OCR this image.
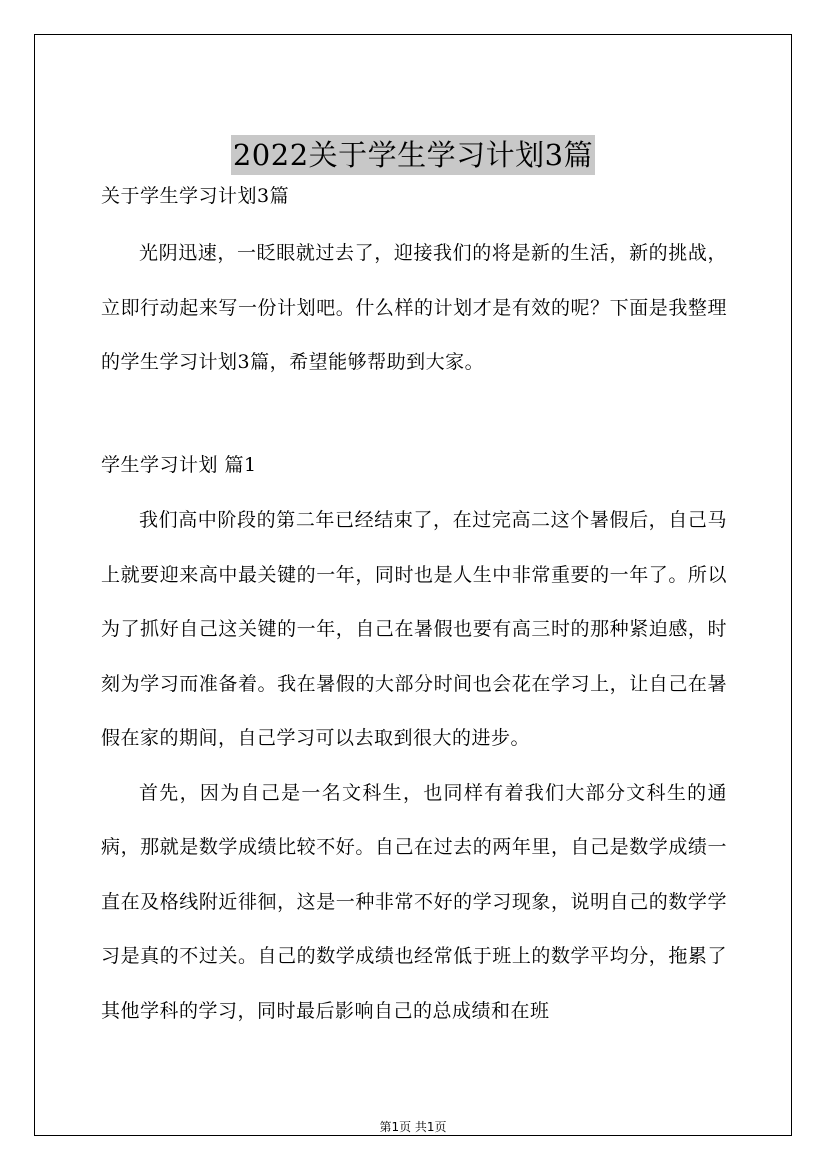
2022关于学生学习计划3篇

关于学生学习计划3篇

光阴迅速，一眨眼就过去了，迎接我们的将是新的生活，新的挑战，立即行动起来写一份计划吧。什么样的计划才是有效的呢？下面是我整理的学生学习计划3篇，希望能够帮助到大家。

学生学习计划 篇1

我们高中阶段的第二年已经结束了，在过完高二这个暑假后，自己马上就要迎来高中最关键的一年，同时也是人生中非常重要的一年了。所以为了抓好自己这关键的一年，自己在暑假也要有高三时的那种紧迫感，时刻为学习而准备着。我在暑假的大部分时间也会花在学习上，让自己在暑假在家的期间，自己学习可以去取到很大的进步。

首先，因为自己是一名文科生，也同样有着我们大部分文科生的通病，那就是数学成绩比较不好。自己在过去的两年里，自己是数学成绩一直在及格线附近徘徊，这是一种非常不好的学习现象，说明自己的数学学习是真的不过关。自己的数学成绩也经常低于班上的数学平均分，拖累了其他学科的学习，同时最后影响自己的总成绩和在班

第1页 共1页
